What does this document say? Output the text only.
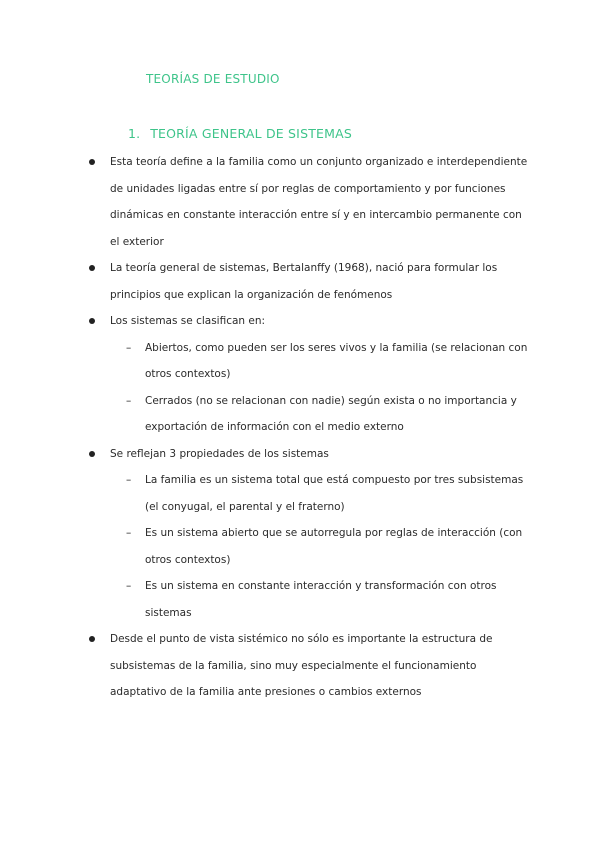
TEORÍAS DE ESTUDIO
1. TEORÍA GENERAL DE SISTEMAS

Esta teoría define a la familia como un conjunto organizado e interdependiente de unidades ligadas entre sí por reglas de comportamiento y por funciones dinámicas en constante interacción entre sí y en intercambio permanente con el exterior

La teoría general de sistemas, Bertalanffy (1968), nació para formular los principios que explican la organización de fenómenos

Los sistemas se clasifican en:

– Abiertos, como pueden ser los seres vivos y la familia (se relacionan con otros contextos)

– Cerrados (no se relacionan con nadie) según exista o no importancia y exportación de información con el medio externo

Se reflejan 3 propiedades de los sistemas

– La familia es un sistema total que está compuesto por tres subsistemas (el conyugal, el parental y el fraterno)

– Es un sistema abierto que se autorregula por reglas de interacción (con otros contextos)

– Es un sistema en constante interacción y transformación con otros sistemas

Desde el punto de vista sistémico no sólo es importante la estructura de subsistemas de la familia, sino muy especialmente el funcionamiento adaptativo de la familia ante presiones o cambios externos
